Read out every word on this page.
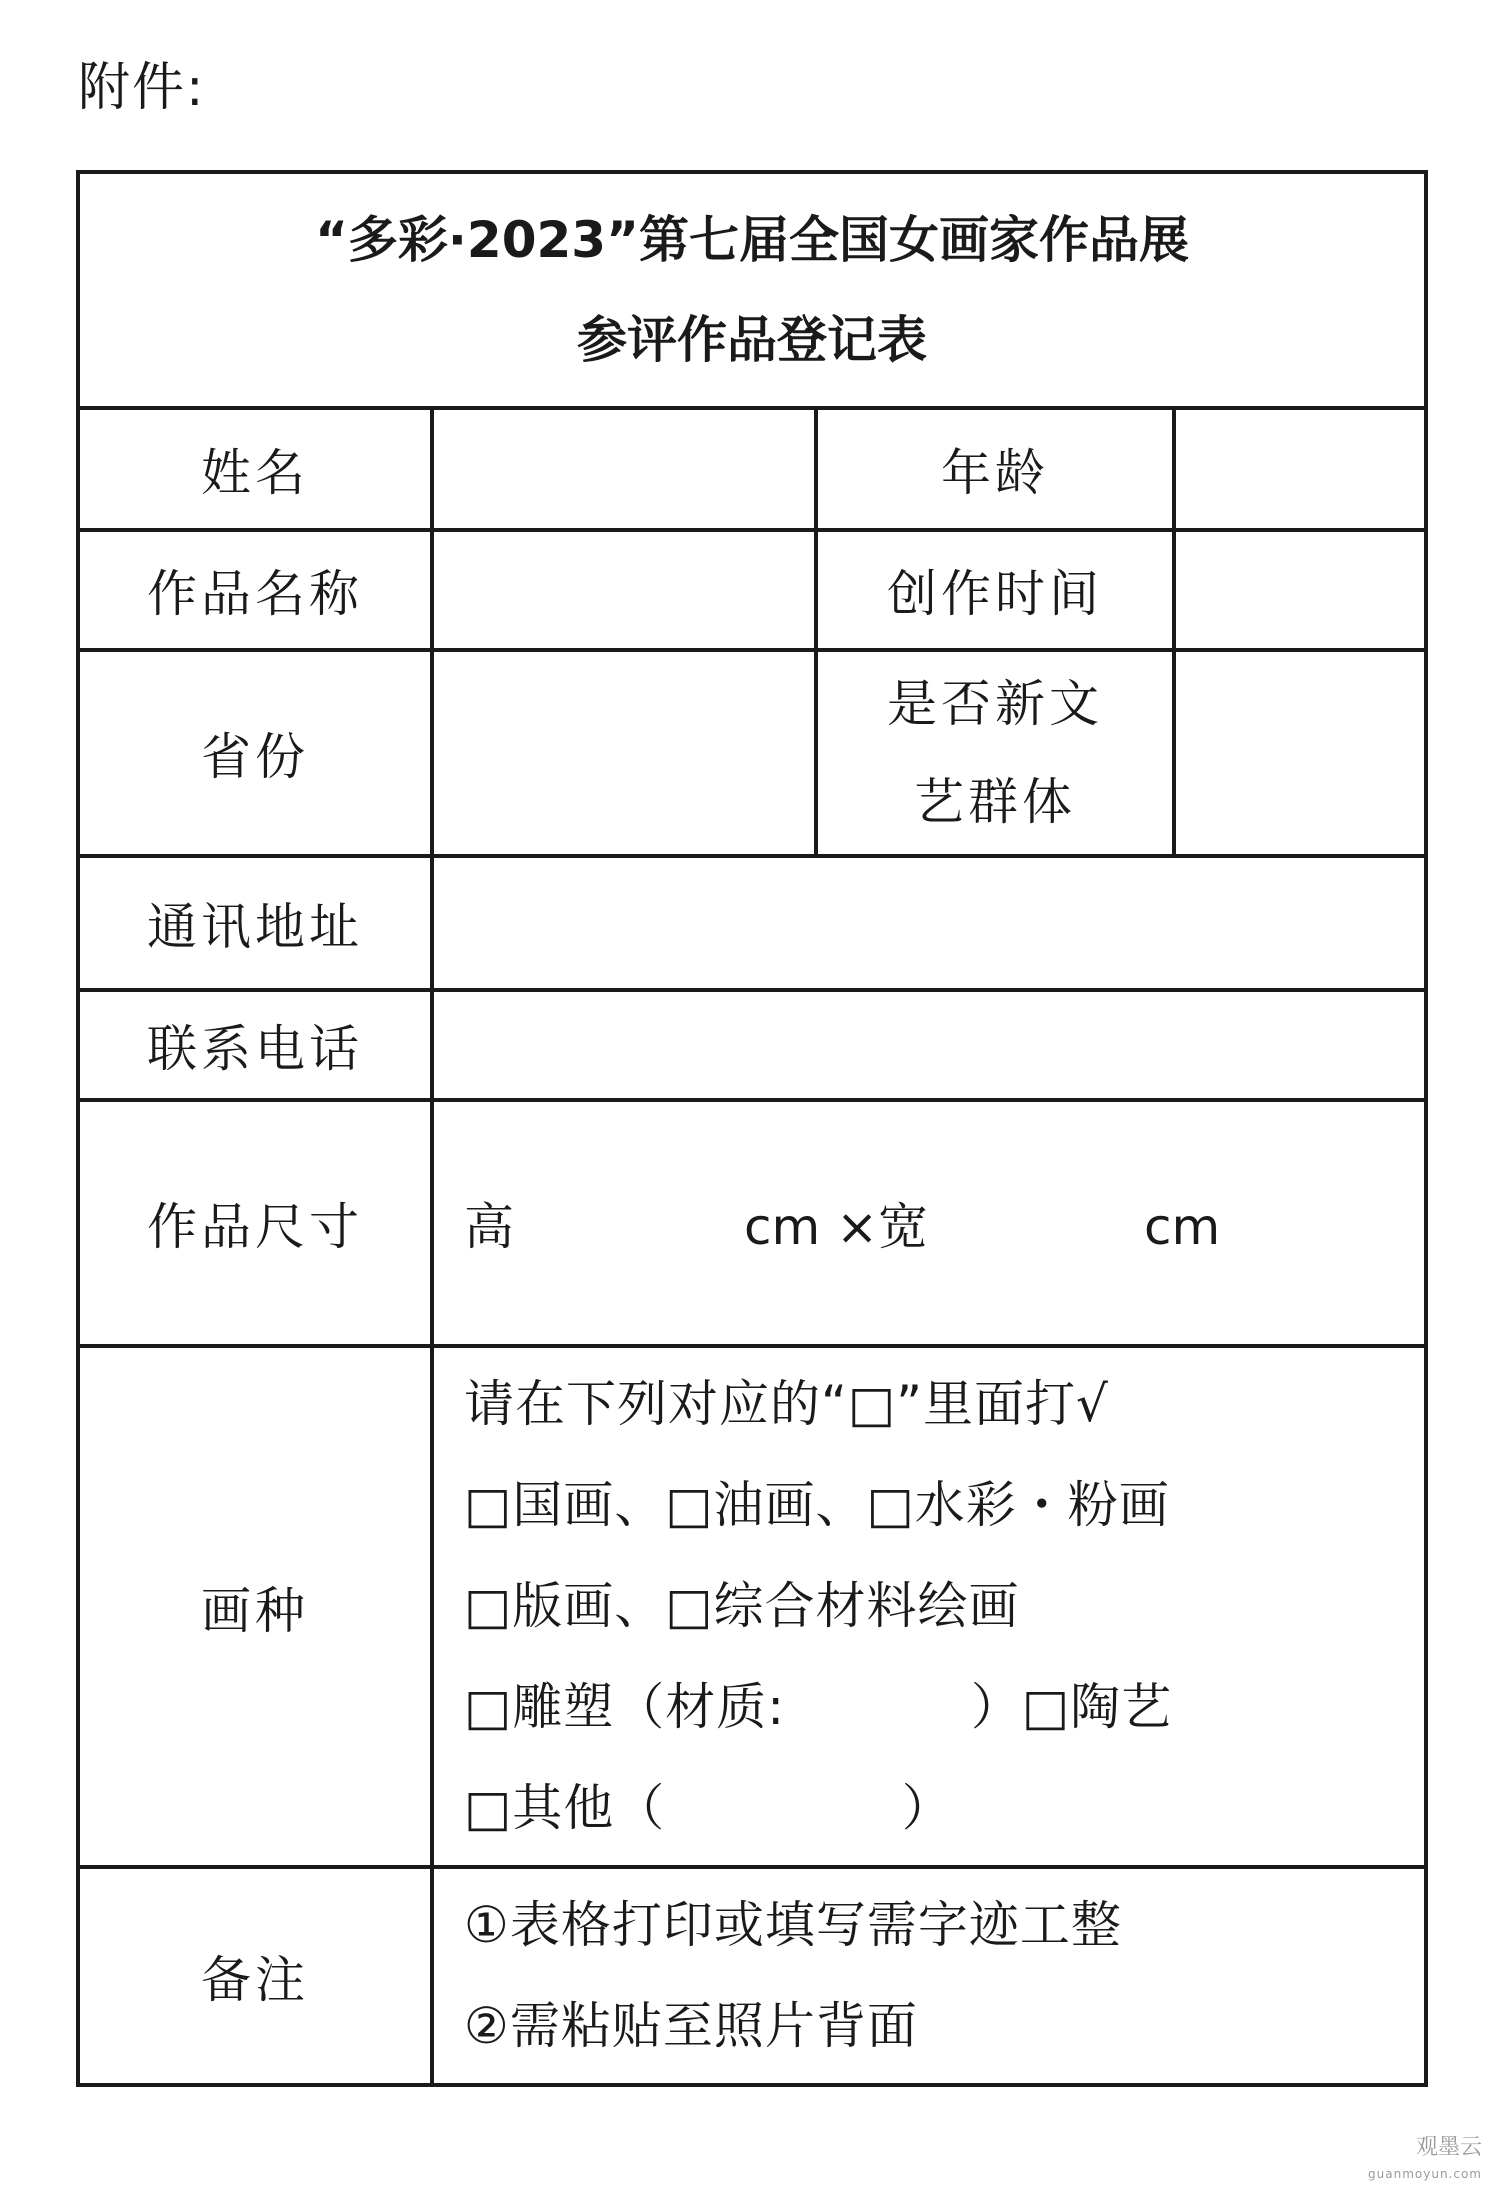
附件:
“多彩·2023”第七届全国女画家作品展
参评作品登记表			

姓名		年龄	
作品名称		创作时间	
省份		是否新文
艺群体	

通讯地址			
联系电话			
作品尺寸	高 cm ×宽 cm		

画种	请在下列对应的“□”里面打√
□国画、□油画、□水彩・粉画
□版画、□综合材料绘画
□雕塑（材质:           ）□陶艺
□其他（              ）		

备注	①表格打印或填写需字迹工整
②需粘贴至照片背面		
观墨云
guanmoyun.com
